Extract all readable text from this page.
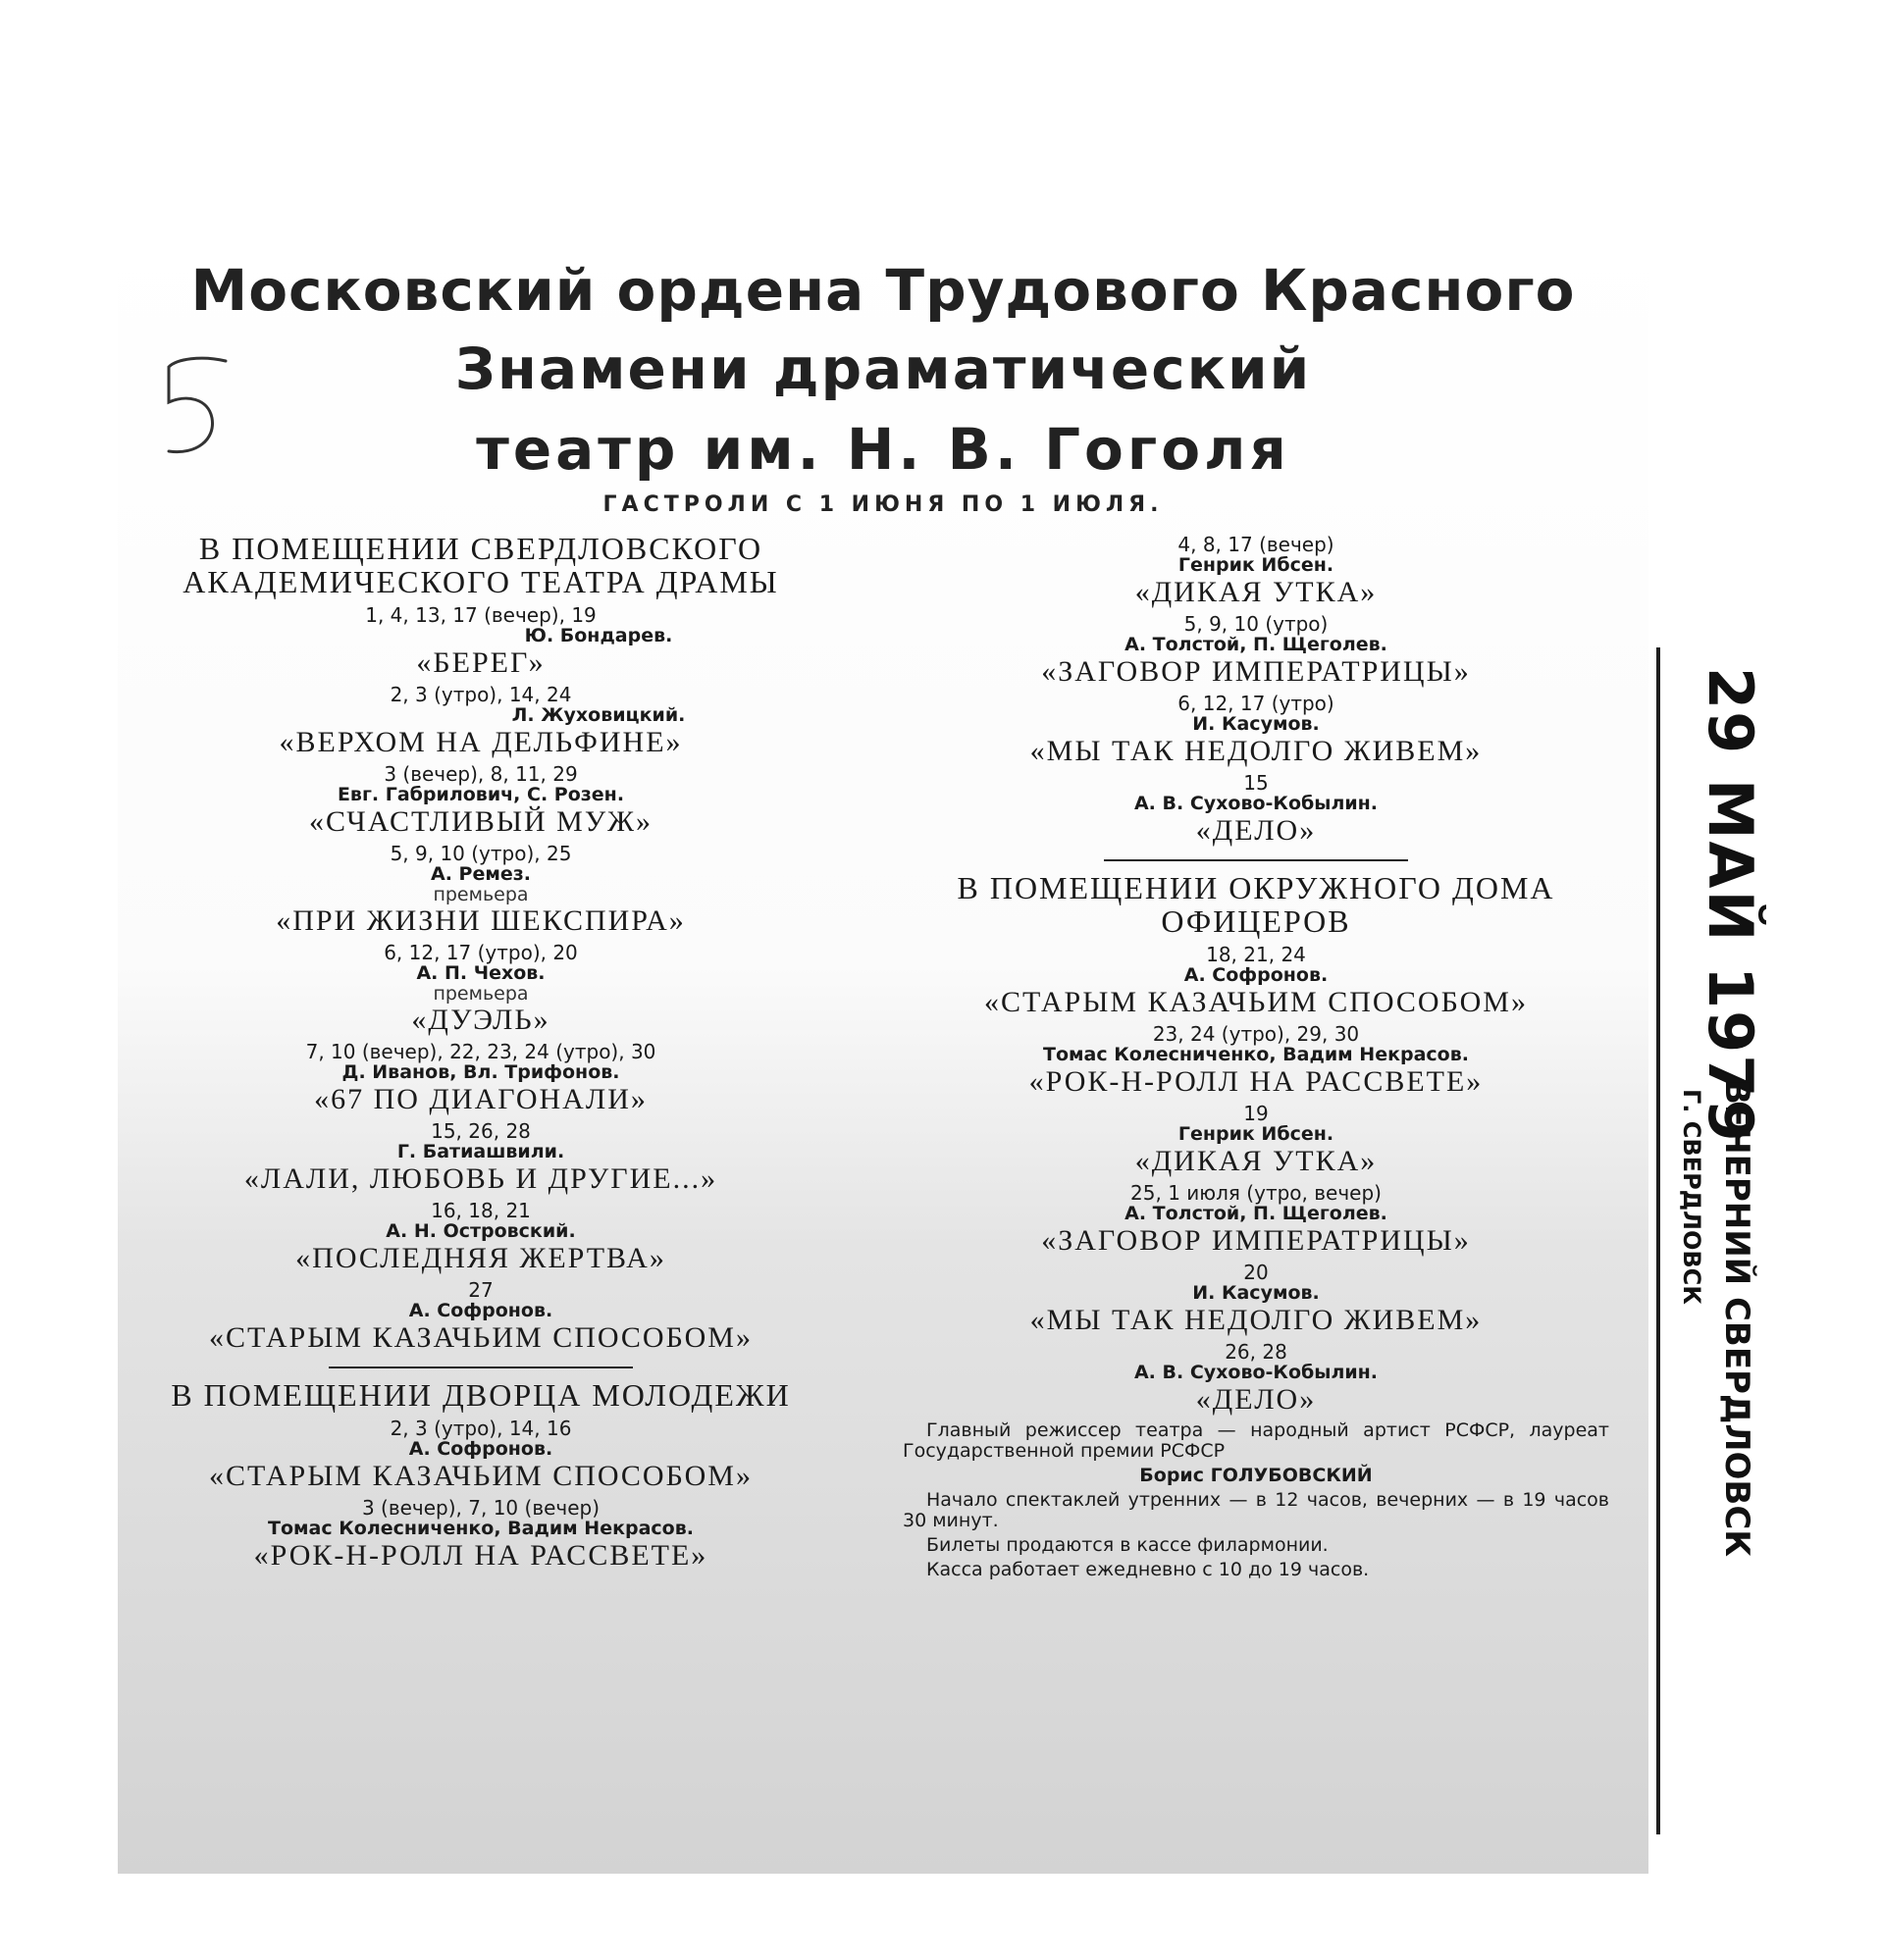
Московский ордена Трудового Красного
Знамени драматический
театр им. Н. В. Гоголя
ГАСТРОЛИ С 1 ИЮНЯ ПО 1 ИЮЛЯ.
В ПОМЕЩЕНИИ СВЕРДЛОВСКОГО АКАДЕМИЧЕСКОГО ТЕАТРА ДРАМЫ
1, 4, 13, 17 (вечер), 19
Ю. Бондарев.
«БЕРЕГ»
2, 3 (утро), 14, 24
Л. Жуховицкий.
«ВЕРХОМ НА ДЕЛЬФИНЕ»
3 (вечер), 8, 11, 29
Евг. Габрилович, С. Розен.
«СЧАСТЛИВЫЙ МУЖ»
5, 9, 10 (утро), 25
А. Ремез.
премьера
«ПРИ ЖИЗНИ ШЕКСПИРА»
6, 12, 17 (утро), 20
А. П. Чехов.
премьера
«ДУЭЛЬ»
7, 10 (вечер), 22, 23, 24 (утро), 30
Д. Иванов, Вл. Трифонов.
«67 ПО ДИАГОНАЛИ»
15, 26, 28
Г. Батиашвили.
«ЛАЛИ, ЛЮБОВЬ И ДРУГИЕ...»
16, 18, 21
А. Н. Островский.
«ПОСЛЕДНЯЯ ЖЕРТВА»
27
А. Софронов.
«СТАРЫМ КАЗАЧЬИМ СПОСОБОМ»
В ПОМЕЩЕНИИ ДВОРЦА МОЛОДЕЖИ
2, 3 (утро), 14, 16
А. Софронов.
«СТАРЫМ КАЗАЧЬИМ СПОСОБОМ»
3 (вечер), 7, 10 (вечер)
Томас Колесниченко, Вадим Некрасов.
«РОК-Н-РОЛЛ НА РАССВЕТЕ»
4, 8, 17 (вечер)
Генрик Ибсен.
«ДИКАЯ УТКА»
5, 9, 10 (утро)
А. Толстой, П. Щеголев.
«ЗАГОВОР ИМПЕРАТРИЦЫ»
6, 12, 17 (утро)
И. Касумов.
«МЫ ТАК НЕДОЛГО ЖИВЕМ»
15
А. В. Сухово-Кобылин.
«ДЕЛО»
В ПОМЕЩЕНИИ ОКРУЖНОГО ДОМА ОФИЦЕРОВ
18, 21, 24
А. Софронов.
«СТАРЫМ КАЗАЧЬИМ СПОСОБОМ»
23, 24 (утро), 29, 30
Томас Колесниченко, Вадим Некрасов.
«РОК-Н-РОЛЛ НА РАССВЕТЕ»
19
Генрик Ибсен.
«ДИКАЯ УТКА»
25, 1 июля (утро, вечер)
А. Толстой, П. Щеголев.
«ЗАГОВОР ИМПЕРАТРИЦЫ»
20
И. Касумов.
«МЫ ТАК НЕДОЛГО ЖИВЕМ»
26, 28
А. В. Сухово-Кобылин.
«ДЕЛО»

Главный режиссер театра — народный артист РСФСР, лауреат Государственной премии РСФСР

Борис ГОЛУБОВСКИЙ

Начало спектаклей утренних — в 12 часов, вечерних — в 19 часов 30 минут.

Билеты продаются в кассе филармонии.

Касса работает ежедневно с 10 до 19 часов.

29 МАЙ 1979
ВЕЧЕРНИЙ СВЕРДЛОВСК
Г. СВЕРДЛОВСК
